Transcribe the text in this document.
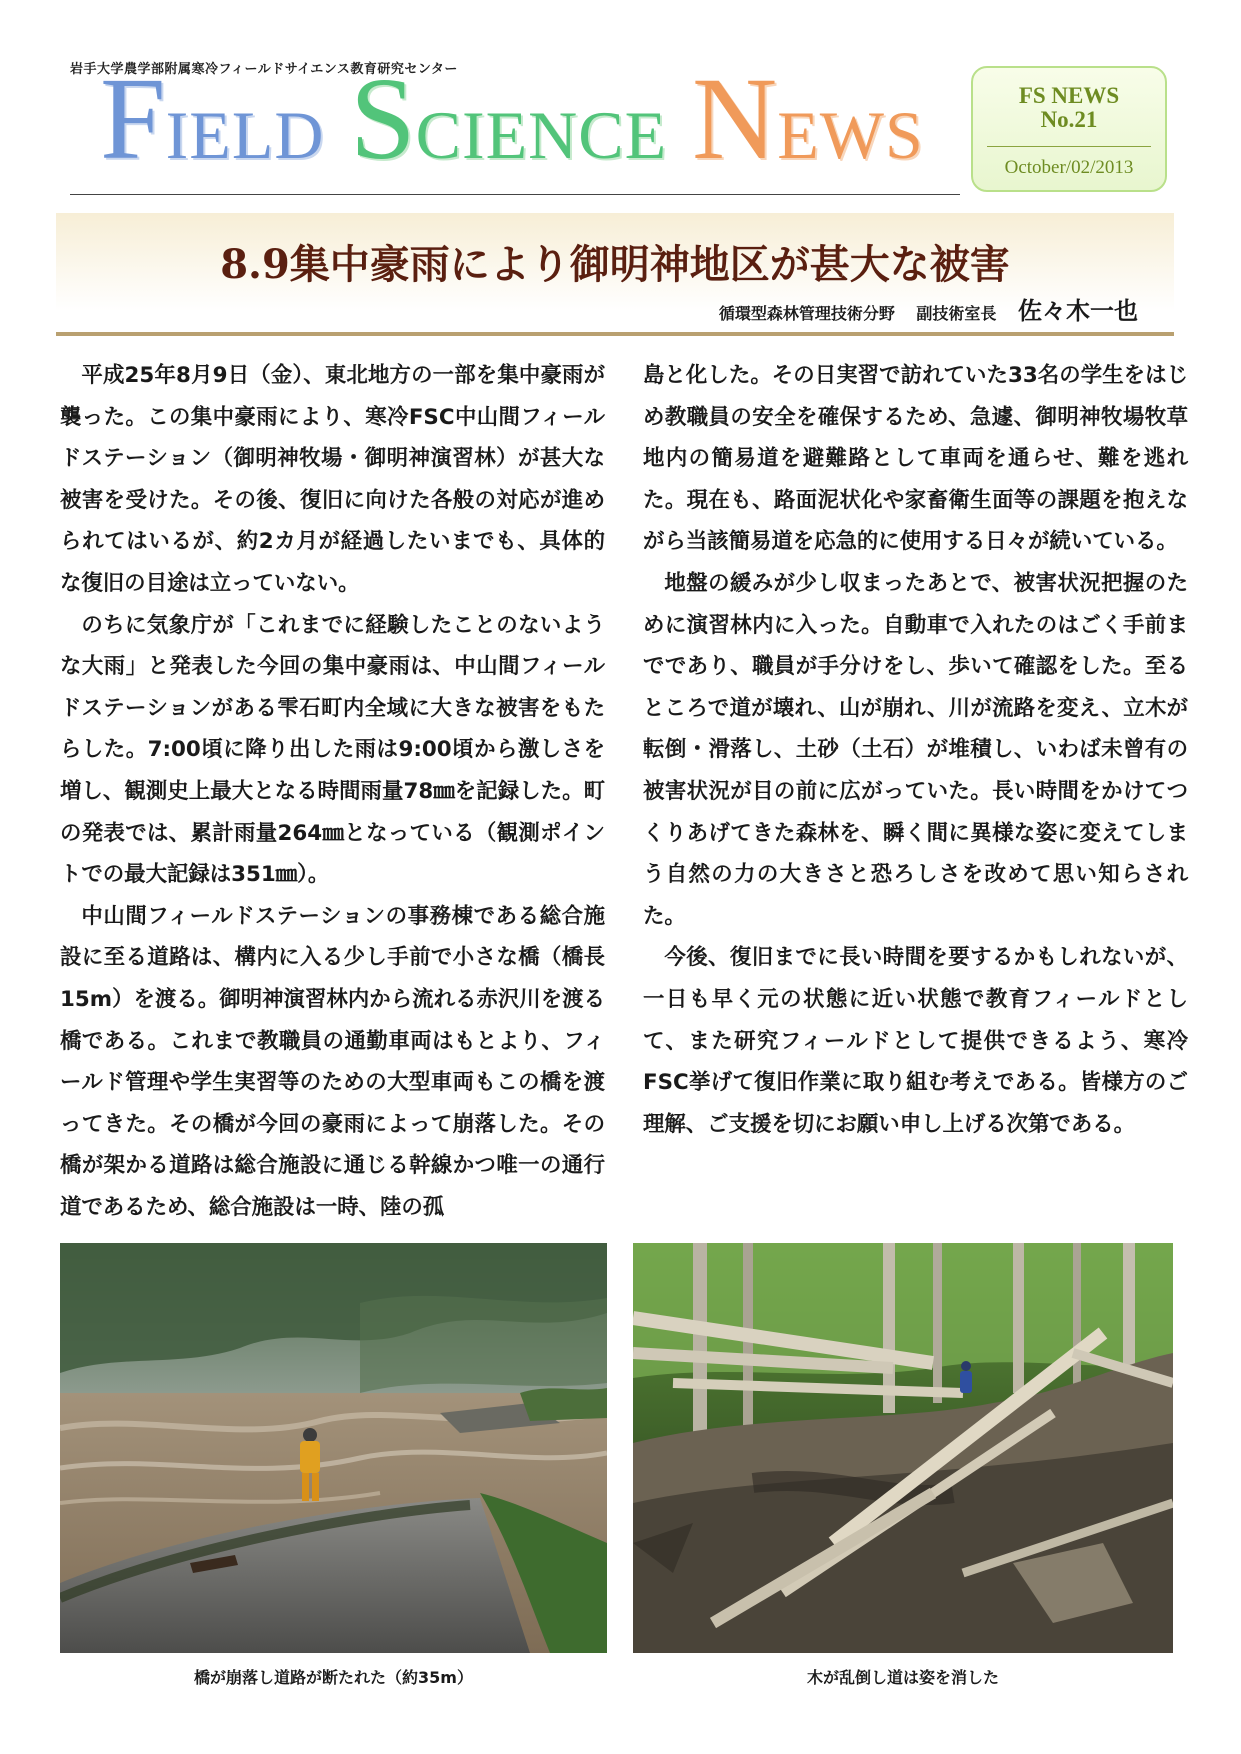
岩手大学農学部附属寒冷フィールドサイエンス教育研究センター
FIELD SCIENCE NEWS
FS NEWS
No.21
October/02/2013
8.9集中豪雨により御明神地区が甚大な被害
循環型森林管理技術分野 副技術室長 佐々木一也

平成25年8月9日（金）、東北地方の一部を集中豪雨が襲った。この集中豪雨により、寒冷FSC中山間フィールドステーション（御明神牧場・御明神演習林）が甚大な被害を受けた。その後、復旧に向けた各般の対応が進められてはいるが、約2カ月が経過したいまでも、具体的な復旧の目途は立っていない。

のちに気象庁が「これまでに経験したことのないような大雨」と発表した今回の集中豪雨は、中山間フィールドステーションがある雫石町内全域に大きな被害をもたらした。7:00頃に降り出した雨は9:00頃から激しさを増し、観測史上最大となる時間雨量78㎜を記録した。町の発表では、累計雨量264㎜となっている（観測ポイントでの最大記録は351㎜）。

中山間フィールドステーションの事務棟である総合施設に至る道路は、構内に入る少し手前で小さな橋（橋長15m）を渡る。御明神演習林内から流れる赤沢川を渡る橋である。これまで教職員の通勤車両はもとより、フィールド管理や学生実習等のための大型車両もこの橋を渡ってきた。その橋が今回の豪雨によって崩落した。その橋が架かる道路は総合施設に通じる幹線かつ唯一の通行道であるため、総合施設は一時、陸の孤

島と化した。その日実習で訪れていた33名の学生をはじめ教職員の安全を確保するため、急遽、御明神牧場牧草地内の簡易道を避難路として車両を通らせ、難を逃れた。現在も、路面泥状化や家畜衛生面等の課題を抱えながら当該簡易道を応急的に使用する日々が続いている。

地盤の緩みが少し収まったあとで、被害状況把握のために演習林内に入った。自動車で入れたのはごく手前までであり、職員が手分けをし、歩いて確認をした。至るところで道が壊れ、山が崩れ、川が流路を変え、立木が転倒・滑落し、土砂（土石）が堆積し、いわば未曾有の被害状況が目の前に広がっていた。長い時間をかけてつくりあげてきた森林を、瞬く間に異様な姿に変えてしまう自然の力の大きさと恐ろしさを改めて思い知らされた。

今後、復旧までに長い時間を要するかもしれないが、一日も早く元の状態に近い状態で教育フィールドとして、また研究フィールドとして提供できるよう、寒冷FSC挙げて復旧作業に取り組む考えである。皆様方のご理解、ご支援を切にお願い申し上げる次第である。

橋が崩落し道路が断たれた（約35m）	木が乱倒し道は姿を消した
